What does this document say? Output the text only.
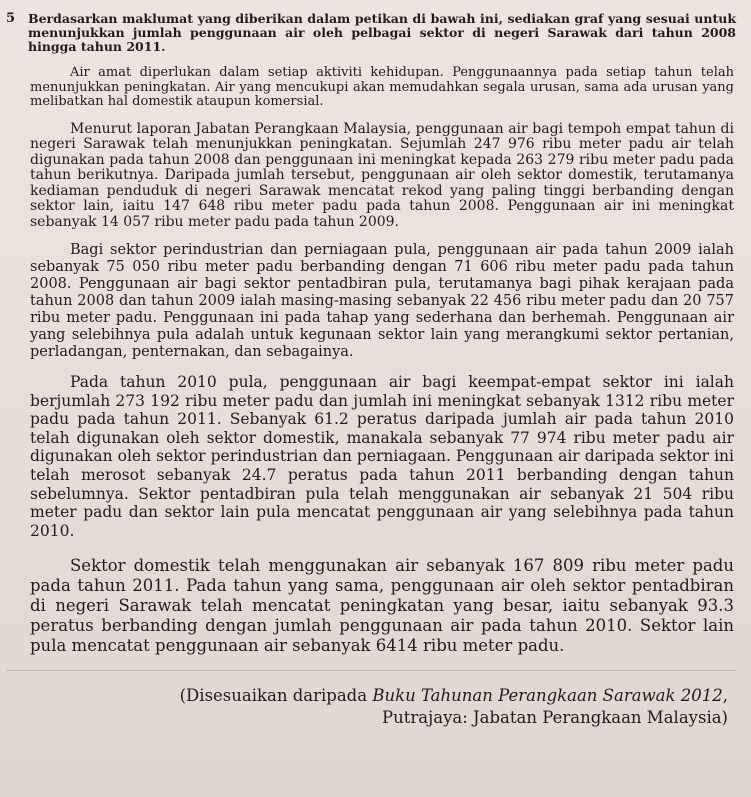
5	Berdasarkan maklumat yang diberikan dalam petikan di bawah ini, sediakan graf yang sesuai untuk menunjukkan jumlah penggunaan air oleh pelbagai sektor di negeri Sarawak dari tahun 2008 hingga tahun 2011.

Air amat diperlukan dalam setiap aktiviti kehidupan. Penggunaannya pada setiap tahun telah menunjukkan peningkatan. Air yang mencukupi akan memudahkan segala urusan, sama ada urusan yang melibatkan hal domestik ataupun komersial.

Menurut laporan Jabatan Perangkaan Malaysia, penggunaan air bagi tempoh empat tahun di negeri Sarawak telah menunjukkan peningkatan. Sejumlah 247 976 ribu meter padu air telah digunakan pada tahun 2008 dan penggunaan ini meningkat kepada 263 279 ribu meter padu pada tahun berikutnya. Daripada jumlah tersebut, penggunaan air oleh sektor domestik, terutamanya kediaman penduduk di negeri Sarawak mencatat rekod yang paling tinggi berbanding dengan sektor lain, iaitu 147 648 ribu meter padu pada tahun 2008. Penggunaan air ini meningkat sebanyak 14 057 ribu meter padu pada tahun 2009.

Bagi sektor perindustrian dan perniagaan pula, penggunaan air pada tahun 2009 ialah sebanyak 75 050 ribu meter padu berbanding dengan 71 606 ribu meter padu pada tahun 2008. Penggunaan air bagi sektor pentadbiran pula, terutamanya bagi pihak kerajaan pada tahun 2008 dan tahun 2009 ialah masing-masing sebanyak 22 456 ribu meter padu dan 20 757 ribu meter padu. Penggunaan ini pada tahap yang sederhana dan berhemah. Penggunaan air yang selebihnya pula adalah untuk kegunaan sektor lain yang merangkumi sektor pertanian, perladangan, penternakan, dan sebagainya.

Pada tahun 2010 pula, penggunaan air bagi keempat-empat sektor ini ialah berjumlah 273 192 ribu meter padu dan jumlah ini meningkat sebanyak 1312 ribu meter padu pada tahun 2011. Sebanyak 61.2 peratus daripada jumlah air pada tahun 2010 telah digunakan oleh sektor domestik, manakala sebanyak 77 974 ribu meter padu air digunakan oleh sektor perindustrian dan perniagaan. Penggunaan air daripada sektor ini telah merosot sebanyak 24.7 peratus pada tahun 2011 berbanding dengan tahun sebelumnya. Sektor pentadbiran pula telah menggunakan air sebanyak 21 504 ribu meter padu dan sektor lain pula mencatat penggunaan air yang selebihnya pada tahun 2010.

Sektor domestik telah menggunakan air sebanyak 167 809 ribu meter padu pada tahun 2011. Pada tahun yang sama, penggunaan air oleh sektor pentadbiran di negeri Sarawak telah mencatat peningkatan yang besar, iaitu sebanyak 93.3 peratus berbanding dengan jumlah penggunaan air pada tahun 2010. Sektor lain pula mencatat penggunaan air sebanyak 6414 ribu meter padu.

(Disesuaikan daripada Buku Tahunan Perangkaan Sarawak 2012,
Putrajaya: Jabatan Perangkaan Malaysia)
